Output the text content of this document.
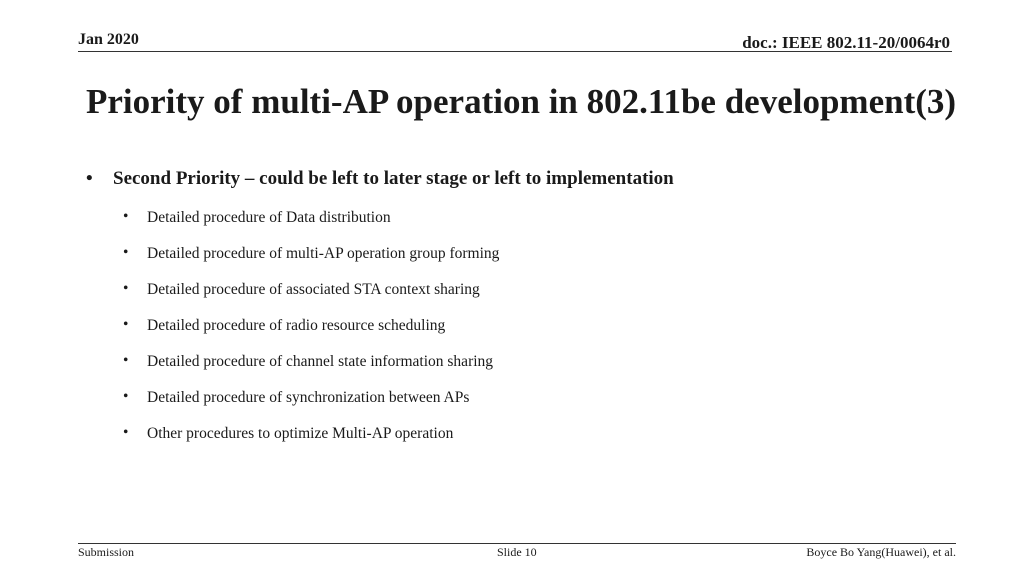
Jan 2020	doc.: IEEE 802.11-20/0064r0
Priority of multi-AP operation in 802.11be development(3)
• Second Priority – could be left to later stage or left to implementation
• Detailed procedure of Data distribution
• Detailed procedure of multi-AP operation group forming
• Detailed procedure of associated STA context sharing
• Detailed procedure of radio resource scheduling
• Detailed procedure of channel state information sharing
• Detailed procedure of synchronization between APs
• Other procedures to optimize Multi-AP operation
Submission	Slide 10	Boyce Bo Yang(Huawei), et al.
